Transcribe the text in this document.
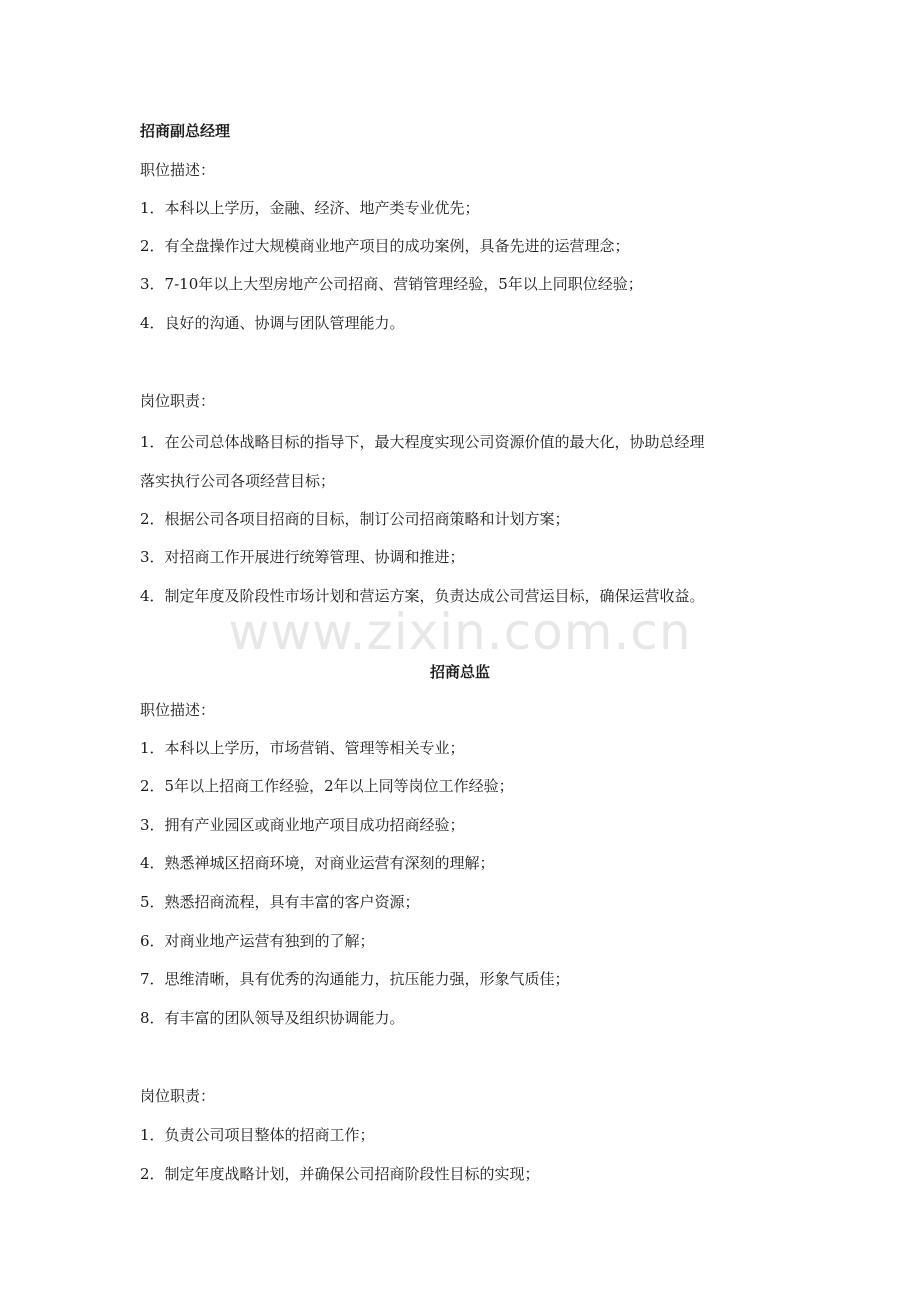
招商副总经理
职位描述：
1．本科以上学历，金融、经济、地产类专业优先；
2．有全盘操作过大规模商业地产项目的成功案例，具备先进的运营理念；
3．7-10年以上大型房地产公司招商、营销管理经验，5年以上同职位经验；
4．良好的沟通、协调与团队管理能力。
岗位职责：
1．在公司总体战略目标的指导下，最大程度实现公司资源价值的最大化，协助总经理
落实执行公司各项经营目标；
2．根据公司各项目招商的目标，制订公司招商策略和计划方案；
3．对招商工作开展进行统筹管理、协调和推进；
4．制定年度及阶段性市场计划和营运方案，负责达成公司营运目标，确保运营收益。
www.zixin.com.cn
招商总监
职位描述：
1．本科以上学历，市场营销、管理等相关专业；
2．5年以上招商工作经验，2年以上同等岗位工作经验；
3．拥有产业园区或商业地产项目成功招商经验；
4．熟悉禅城区招商环境，对商业运营有深刻的理解；
5．熟悉招商流程，具有丰富的客户资源；
6．对商业地产运营有独到的了解；
7．思维清晰，具有优秀的沟通能力，抗压能力强，形象气质佳；
8．有丰富的团队领导及组织协调能力。
岗位职责：
1．负责公司项目整体的招商工作；
2．制定年度战略计划，并确保公司招商阶段性目标的实现；
